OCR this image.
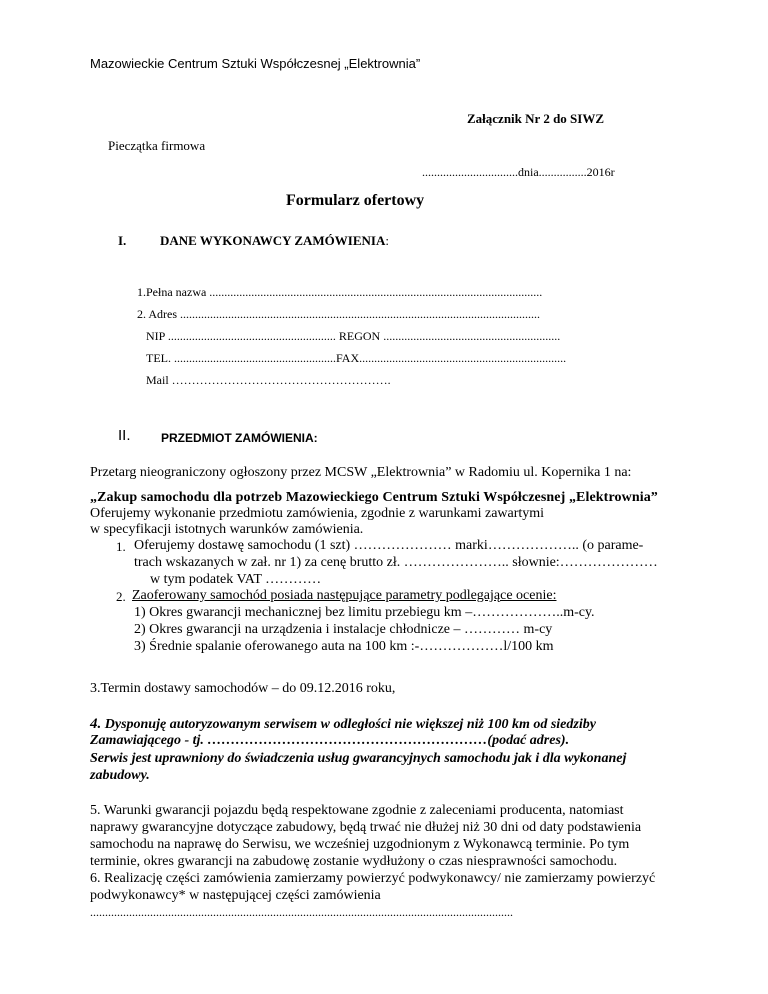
Mazowieckie Centrum Sztuki Współczesnej „Elektrownia”
Załącznik Nr 2 do SIWZ
Pieczątka firmowa
................................dnia................2016r
Formularz ofertowy
I.	DANE WYKONAWCY ZAMÓWIENIA:
1.Pełna nazwa ...............................................................................................................
2. Adres ........................................................................................................................
NIP ........................................................ REGON ...........................................................
TEL. ......................................................FAX.....................................................................
Mail ……………………………………………….
II.	PRZEDMIOT ZAMÓWIENIA:
Przetarg nieograniczony ogłoszony przez MCSW „Elektrownia” w Radomiu ul. Kopernika 1 na:
„Zakup samochodu dla potrzeb Mazowieckiego Centrum Sztuki Współczesnej „Elektrownia”
Oferujemy wykonanie przedmiotu zamówienia, zgodnie z warunkami zawartymi
w specyfikacji istotnych warunków zamówienia.
1. Oferujemy dostawę samochodu (1 szt) ………………… marki……………….. (o parame-
trach wskazanych w zał. nr 1) za cenę brutto zł. ………………….. słownie:…………………
w tym podatek VAT …………
2. Zaoferowany samochód posiada następujące parametry podlegające ocenie:
1) Okres gwarancji mechanicznej bez limitu przebiegu km –………………..m-cy.
2) Okres gwarancji na urządzenia i instalacje chłodnicze – ………… m-cy
3) Średnie spalanie oferowanego auta na 100 km :-………………l/100 km
3.Termin dostawy samochodów – do 09.12.2016 roku,
4. Dysponuję autoryzowanym serwisem w odległości nie większej niż 100 km od siedziby
Zamawiającego - tj. ……………………………………………………(podać adres).
Serwis jest uprawniony do świadczenia usług gwarancyjnych samochodu jak i dla wykonanej
zabudowy.
5. Warunki gwarancji pojazdu będą respektowane zgodnie z zaleceniami producenta, natomiast
naprawy gwarancyjne dotyczące zabudowy, będą trwać nie dłużej niż 30 dni od daty podstawienia
samochodu na naprawę do Serwisu, we wcześniej uzgodnionym z Wykonawcą terminie. Po tym
terminie, okres gwarancji na zabudowę zostanie wydłużony o czas niesprawności samochodu.
6. Realizację części zamówienia zamierzamy powierzyć podwykonawcy/ nie zamierzamy powierzyć
podwykonawcy* w następującej części zamówienia
.............................................................................................................................................
